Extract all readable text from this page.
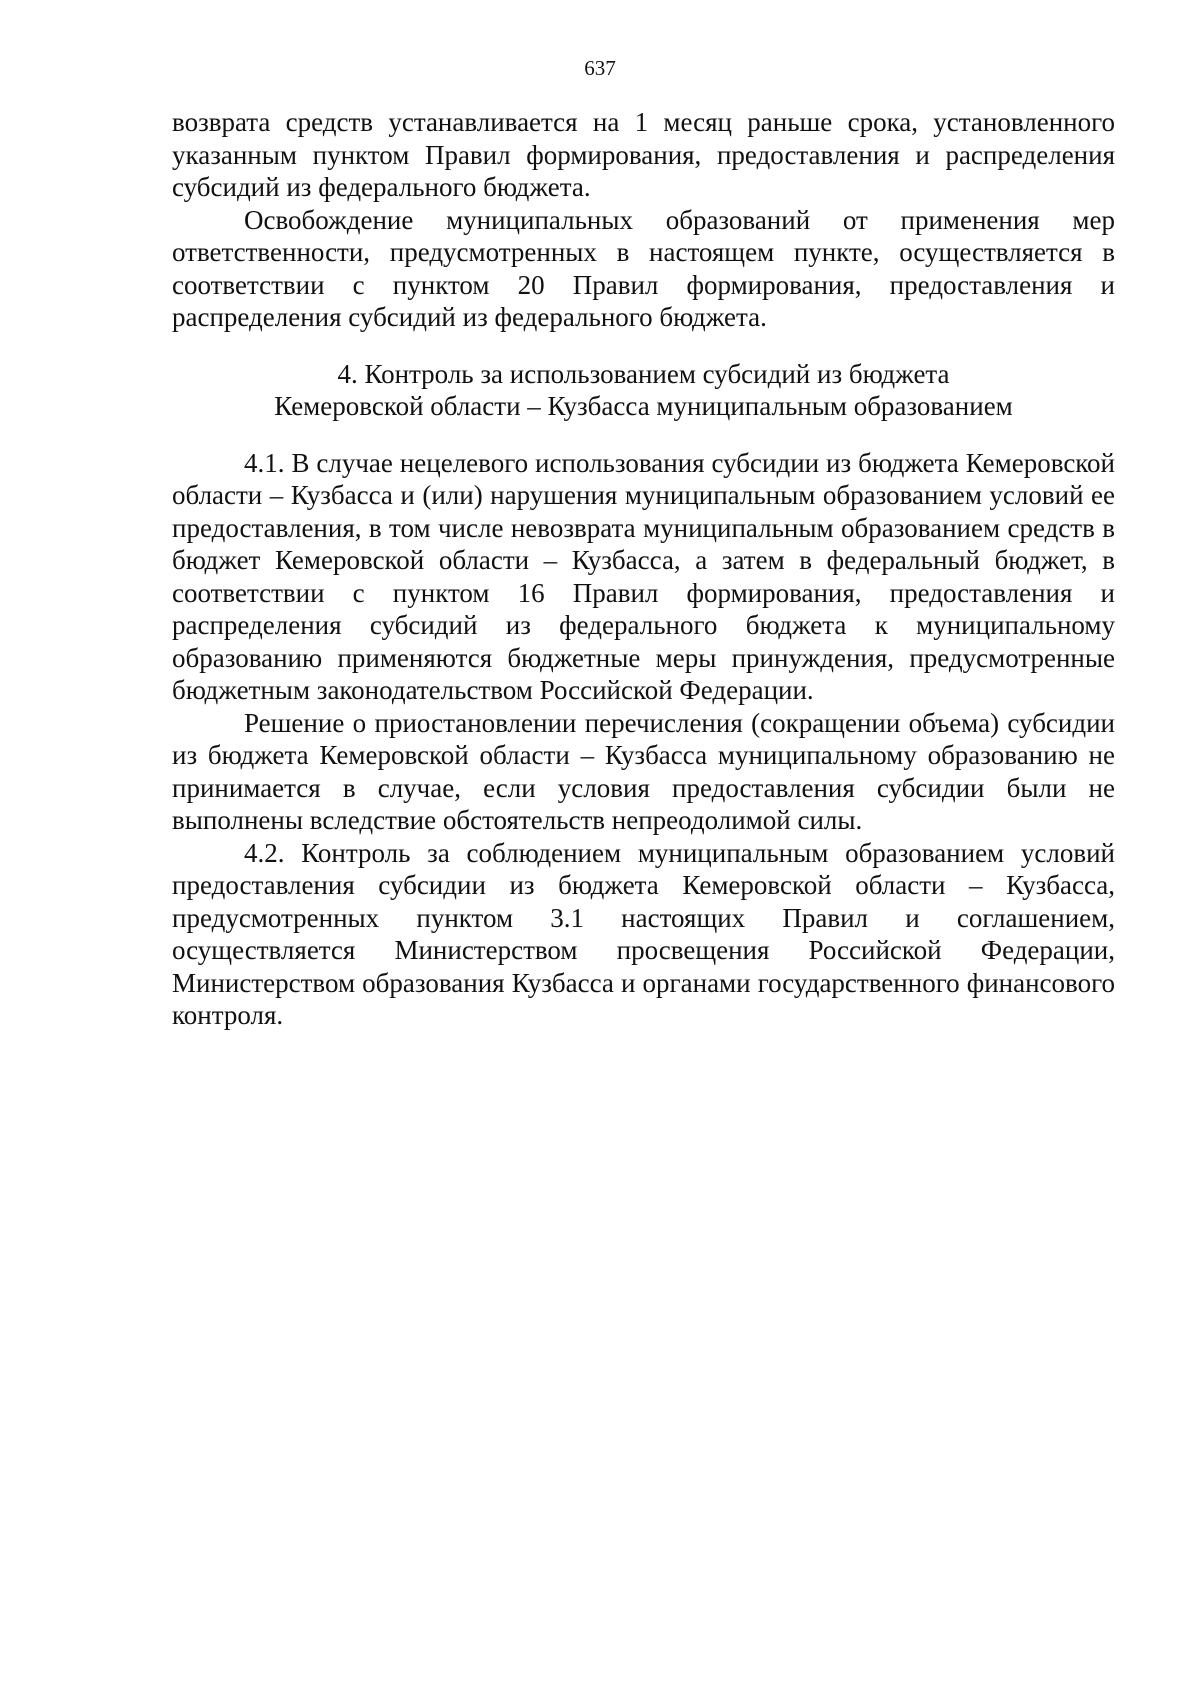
637

возврата средств устанавливается на 1 месяц раньше срока, установленного указанным пунктом Правил формирования, предоставления и распределения субсидий из федерального бюджета.

Освобождение муниципальных образований от применения мер ответственности, предусмотренных в настоящем пункте, осуществляется в соответствии с пунктом 20 Правил формирования, предоставления и распределения субсидий из федерального бюджета.

4. Контроль за использованием субсидий из бюджета
Кемеровской области – Кузбасса муниципальным образованием

4.1. В случае нецелевого использования субсидии из бюджета Кемеровской области – Кузбасса и (или) нарушения муниципальным образованием условий ее предоставления, в том числе невозврата муниципальным образованием средств в бюджет Кемеровской области – Кузбасса, а затем в федеральный бюджет, в соответствии с пунктом 16 Правил формирования, предоставления и распределения субсидий из федерального бюджета к муниципальному образованию применяются бюджетные меры принуждения, предусмотренные бюджетным законодательством Российской Федерации.

Решение о приостановлении перечисления (сокращении объема) субсидии из бюджета Кемеровской области – Кузбасса муниципальному образованию не принимается в случае, если условия предоставления субсидии были не выполнены вследствие обстоятельств непреодолимой силы.

4.2. Контроль за соблюдением муниципальным образованием условий предоставления субсидии из бюджета Кемеровской области – Кузбасса, предусмотренных пунктом 3.1 настоящих Правил и соглашением, осуществляется Министерством просвещения Российской Федерации, Министерством образования Кузбасса и органами государственного финансового контроля.
